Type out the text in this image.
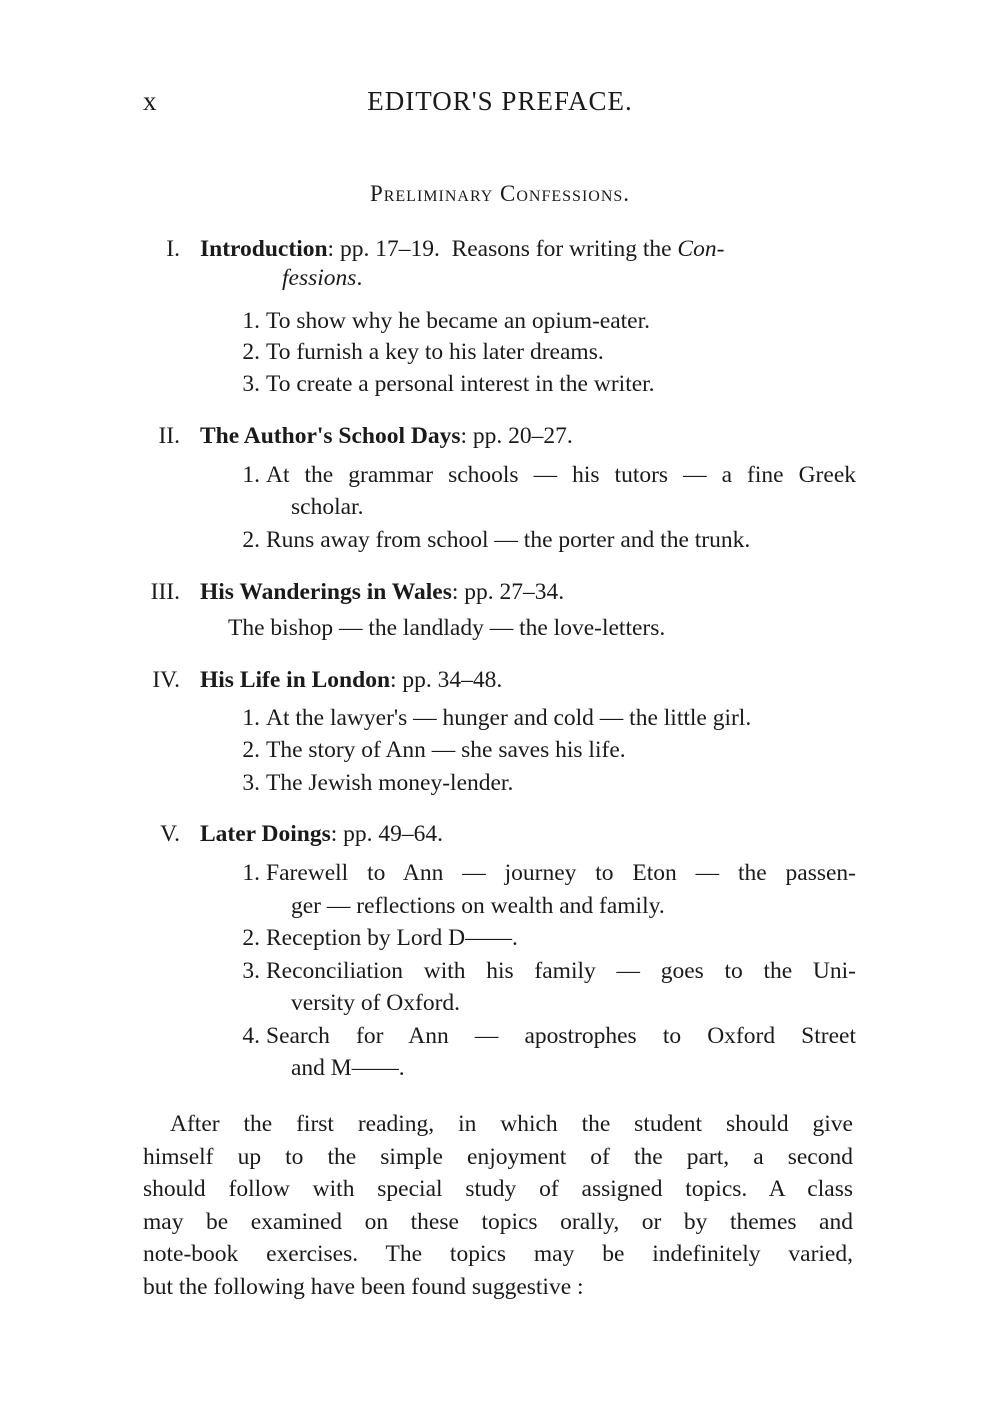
x	EDITOR'S PREFACE.
Preliminary Confessions.
I. Introduction: pp. 17–19. Reasons for writing the Con-
fessions.
1. To show why he became an opium-eater.
2. To furnish a key to his later dreams.
3. To create a personal interest in the writer.
II. The Author's School Days: pp. 20–27.
1. At the grammar schools — his tutors — a fine Greek
scholar.
2. Runs away from school — the porter and the trunk.
III. His Wanderings in Wales: pp. 27–34.
The bishop — the landlady — the love-letters.
IV. His Life in London: pp. 34–48.
1. At the lawyer's — hunger and cold — the little girl.
2. The story of Ann — she saves his life.
3. The Jewish money-lender.
V. Later Doings: pp. 49–64.
1. Farewell to Ann — journey to Eton — the passen-
ger — reflections on wealth and family.
2. Reception by Lord D——.
3. Reconciliation with his family — goes to the Uni-
versity of Oxford.
4. Search for Ann — apostrophes to Oxford Street
and M——.
After the first reading, in which the student should give
himself up to the simple enjoyment of the part, a second
should follow with special study of assigned topics. A class
may be examined on these topics orally, or by themes and
note-book exercises. The topics may be indefinitely varied,
but the following have been found suggestive :
